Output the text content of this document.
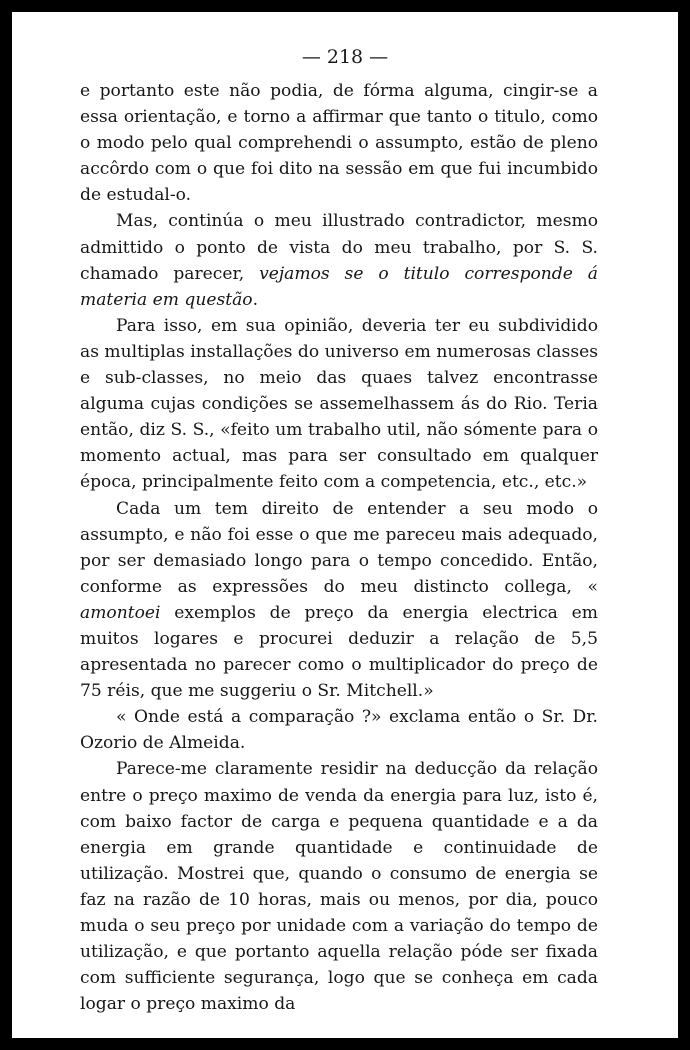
— 218 —

e portanto este não podia, de fórma alguma, cingir-se a essa orientação, e torno a affirmar que tanto o titulo, como o modo pelo qual comprehendi o assumpto, estão de pleno accôrdo com o que foi dito na sessão em que fui incumbido de estudal-o.

Mas, continúa o meu illustrado contradictor, mesmo admittido o ponto de vista do meu trabalho, por S. S. chamado parecer, vejamos se o titulo corresponde á materia em questão.

Para isso, em sua opinião, deveria ter eu subdividido as multiplas installações do universo em numerosas classes e sub-classes, no meio das quaes talvez encontrasse alguma cujas condições se assemelhassem ás do Rio. Teria então, diz S. S., «feito um trabalho util, não sómente para o momento actual, mas para ser consultado em qualquer época, principalmente feito com a competencia, etc., etc.»

Cada um tem direito de entender a seu modo o assumpto, e não foi esse o que me pareceu mais adequado, por ser demasiado longo para o tempo concedido. Então, conforme as expressões do meu distincto collega, « amontoei exemplos de preço da energia electrica em muitos logares e procurei deduzir a relação de 5,5 apresentada no parecer como o multiplicador do preço de 75 réis, que me suggeriu o Sr. Mitchell.»

« Onde está a comparação ?» exclama então o Sr. Dr. Ozorio de Almeida.

Parece-me claramente residir na deducção da relação entre o preço maximo de venda da energia para luz, isto é, com baixo factor de carga e pequena quantidade e a da energia em grande quantidade e continuidade de utilização. Mostrei que, quando o consumo de energia se faz na razão de 10 horas, mais ou menos, por dia, pouco muda o seu preço por unidade com a variação do tempo de utilização, e que portanto aquella relação póde ser fixada com sufficiente segurança, logo que se conheça em cada logar o preço maximo da
